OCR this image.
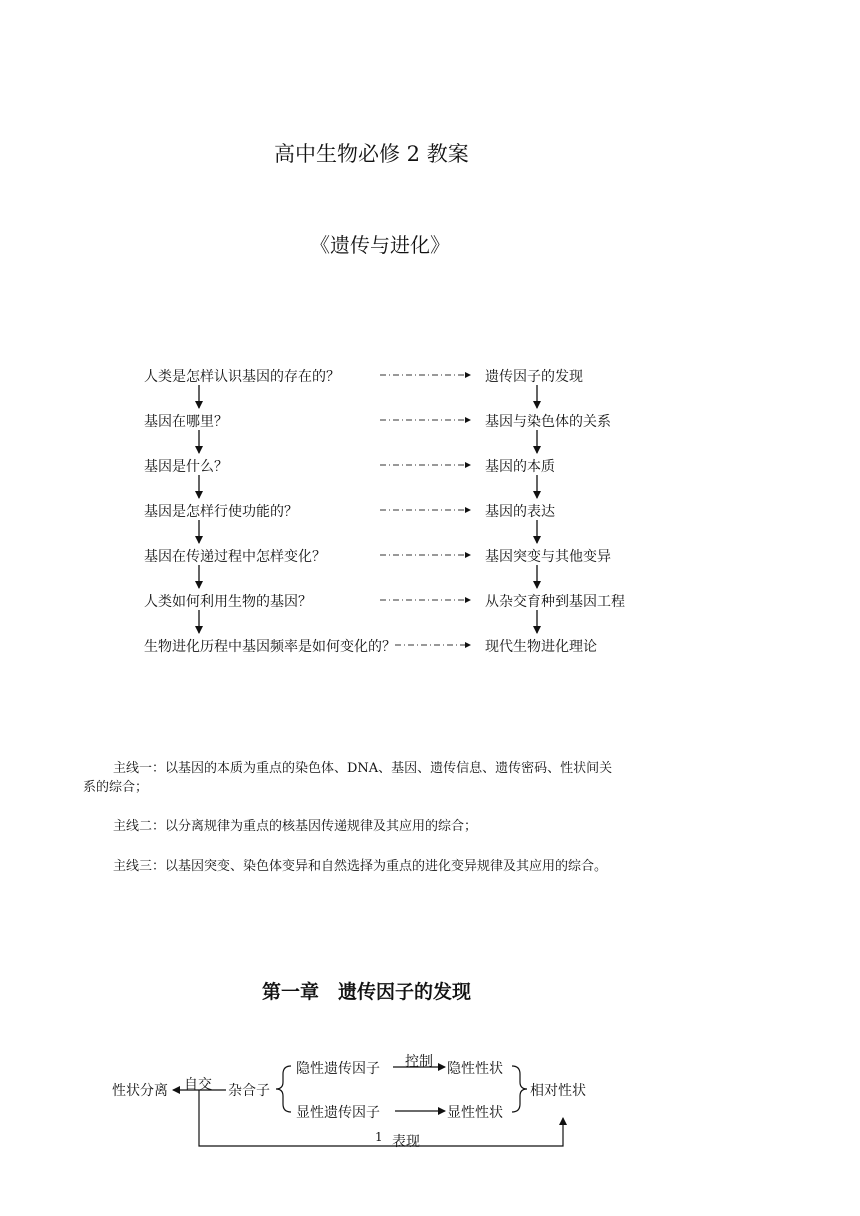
高中生物必修 2 教案
《遗传与进化》
人类是怎样认识基因的存在的？
基因在哪里？
基因是什么？
基因是怎样行使功能的？
基因在传递过程中怎样变化？
人类如何利用生物的基因？
生物进化历程中基因频率是如何变化的？
遗传因子的发现
基因与染色体的关系
基因的本质
基因的表达
基因突变与其他变异
从杂交育种到基因工程
现代生物进化理论
主线一：以基因的本质为重点的染色体、DNA、基因、遗传信息、遗传密码、性状间关
系的综合；
主线二：以分离规律为重点的核基因传递规律及其应用的综合；
主线三：以基因突变、染色体变异和自然选择为重点的进化变异规律及其应用的综合。
第一章　遗传因子的发现
性状分离 自交 杂合子
隐性遗传因子
显性遗传因子
控制 隐性性状
显性性状
相对性状
1 表现
